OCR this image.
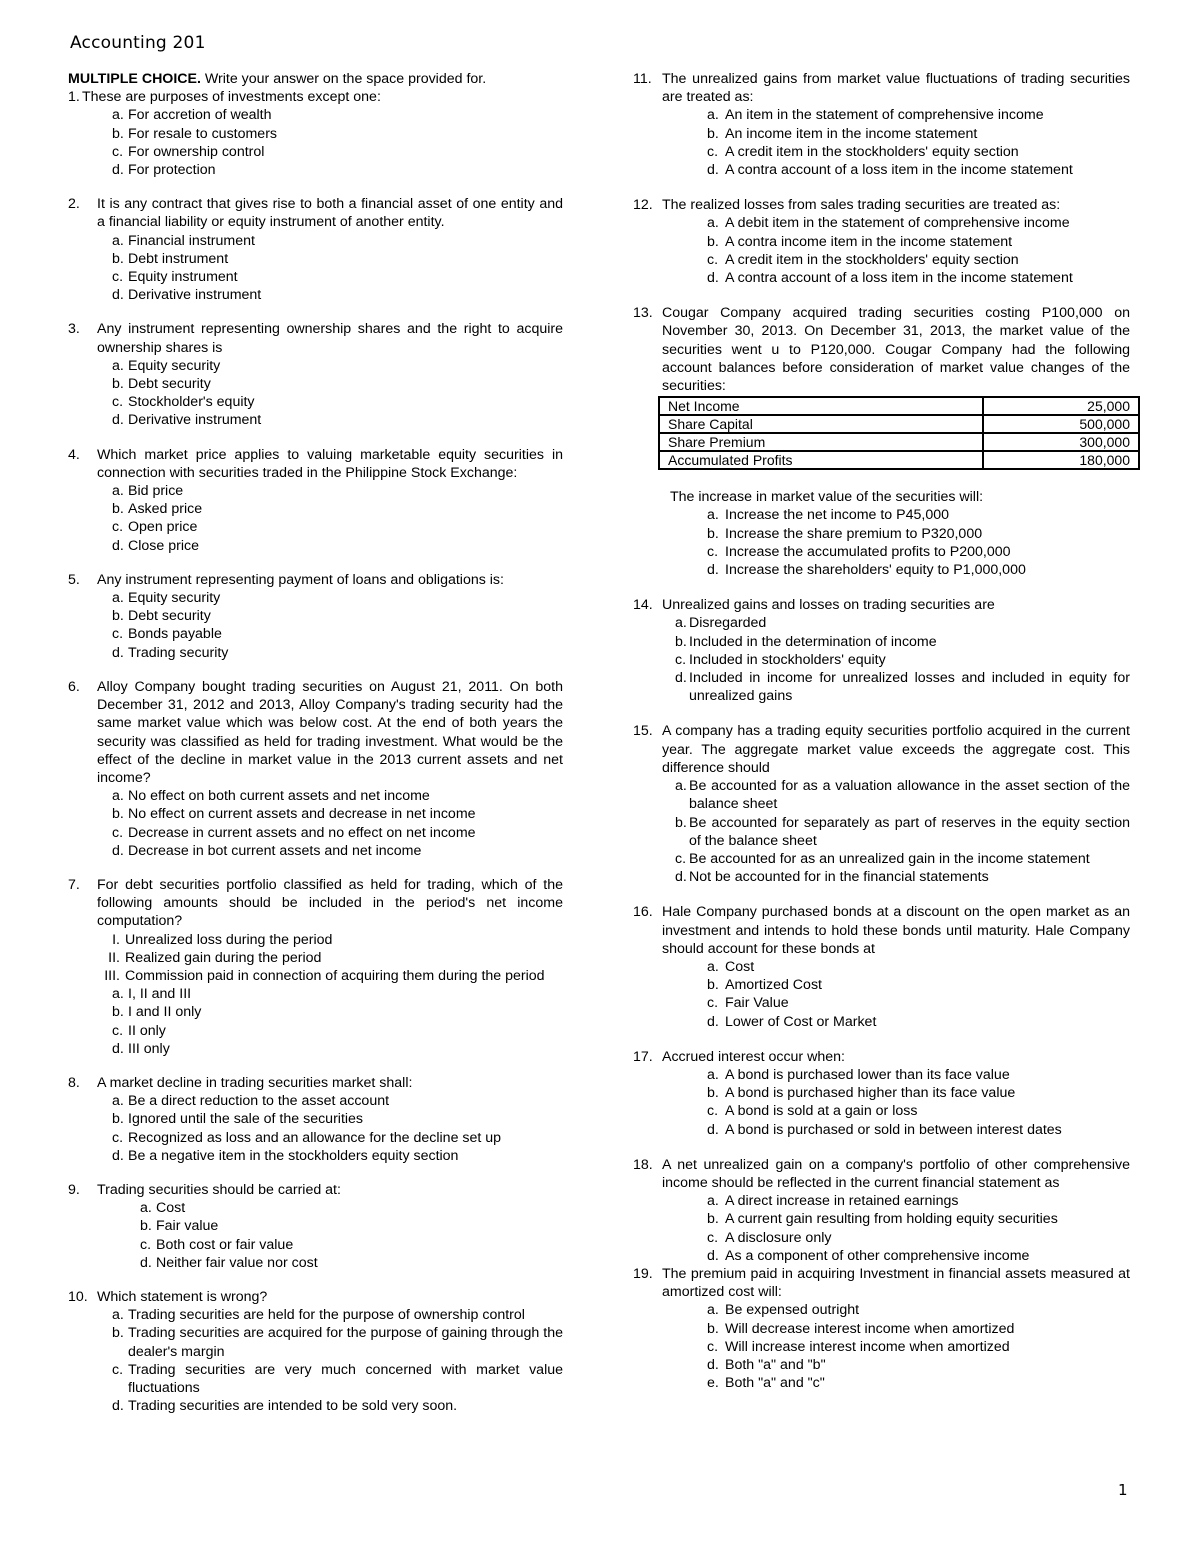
Accounting 201
MULTIPLE CHOICE. Write your answer on the space provided for.
1. These are purposes of investments except one:
a. For accretion of wealth
b. For resale to customers
c. For ownership control
d. For protection
2. It is any contract that gives rise to both a financial asset of one entity and a financial liability or equity instrument of another entity.
a. Financial instrument
b. Debt instrument
c. Equity instrument
d. Derivative instrument
3. Any instrument representing ownership shares and the right to acquire ownership shares is
a. Equity security
b. Debt security
c. Stockholder's equity
d. Derivative instrument
4. Which market price applies to valuing marketable equity securities in connection with securities traded in the Philippine Stock Exchange:
a. Bid price
b. Asked price
c. Open price
d. Close price
5. Any instrument representing payment of loans and obligations is:
a. Equity security
b. Debt security
c. Bonds payable
d. Trading security
6. Alloy Company bought trading securities on August 21, 2011. On both December 31, 2012 and 2013, Alloy Company's trading security had the same market value which was below cost. At the end of both years the security was classified as held for trading investment. What would be the effect of the decline in market value in the 2013 current assets and net income?
a. No effect on both current assets and net income
b. No effect on current assets and decrease in net income
c. Decrease in current assets and no effect on net income
d. Decrease in bot current assets and net income
7. For debt securities portfolio classified as held for trading, which of the following amounts should be included in the period's net income computation?
I. Unrealized loss during the period
II. Realized gain during the period
III. Commission paid in connection of acquiring them during the period
a. I, II and III
b. I and II only
c. II only
d. III only
8. A market decline in trading securities market shall:
a. Be a direct reduction to the asset account
b. Ignored until the sale of the securities
c. Recognized as loss and an allowance for the decline set up
d. Be a negative item in the stockholders equity section
9. Trading securities should be carried at:
a. Cost
b. Fair value
c. Both cost or fair value
d. Neither fair value nor cost
10. Which statement is wrong?
a. Trading securities are held for the purpose of ownership control
b. Trading securities are acquired for the purpose of gaining through the dealer's margin
c. Trading securities are very much concerned with market value fluctuations
d. Trading securities are intended to be sold very soon.
11. The unrealized gains from market value fluctuations of trading securities are treated as:
a. An item in the statement of comprehensive income
b. An income item in the income statement
c. A credit item in the stockholders' equity section
d. A contra account of a loss item in the income statement
12. The realized losses from sales trading securities are treated as:
a. A debit item in the statement of comprehensive income
b. A contra income item in the income statement
c. A credit item in the stockholders' equity section
d. A contra account of a loss item in the income statement
13. Cougar Company acquired trading securities costing P100,000 on November 30, 2013. On December 31, 2013, the market value of the securities went u to P120,000. Cougar Company had the following account balances before consideration of market value changes of the securities:
Net Income	25,000
Share Capital	500,000
Share Premium	300,000
Accumulated Profits	180,000
The increase in market value of the securities will:
a. Increase the net income to P45,000
b. Increase the share premium to P320,000
c. Increase the accumulated profits to P200,000
d. Increase the shareholders' equity to P1,000,000
14. Unrealized gains and losses on trading securities are
a. Disregarded
b. Included in the determination of income
c. Included in stockholders' equity
d. Included in income for unrealized losses and included in equity for unrealized gains
15. A company has a trading equity securities portfolio acquired in the current year. The aggregate market value exceeds the aggregate cost. This difference should
a. Be accounted for as a valuation allowance in the asset section of the balance sheet
b. Be accounted for separately as part of reserves in the equity section of the balance sheet
c. Be accounted for as an unrealized gain in the income statement
d. Not be accounted for in the financial statements
16. Hale Company purchased bonds at a discount on the open market as an investment and intends to hold these bonds until maturity. Hale Company should account for these bonds at
a. Cost
b. Amortized Cost
c. Fair Value
d. Lower of Cost or Market
17. Accrued interest occur when:
a. A bond is purchased lower than its face value
b. A bond is purchased higher than its face value
c. A bond is sold at a gain or loss
d. A bond is purchased or sold in between interest dates
18. A net unrealized gain on a company's portfolio of other comprehensive income should be reflected in the current financial statement as
a. A direct increase in retained earnings
b. A current gain resulting from holding equity securities
c. A disclosure only
d. As a component of other comprehensive income
19. The premium paid in acquiring Investment in financial assets measured at amortized cost will:
a. Be expensed outright
b. Will decrease interest income when amortized
c. Will increase interest income when amortized
d. Both "a" and "b"
e. Both "a" and "c"
1
